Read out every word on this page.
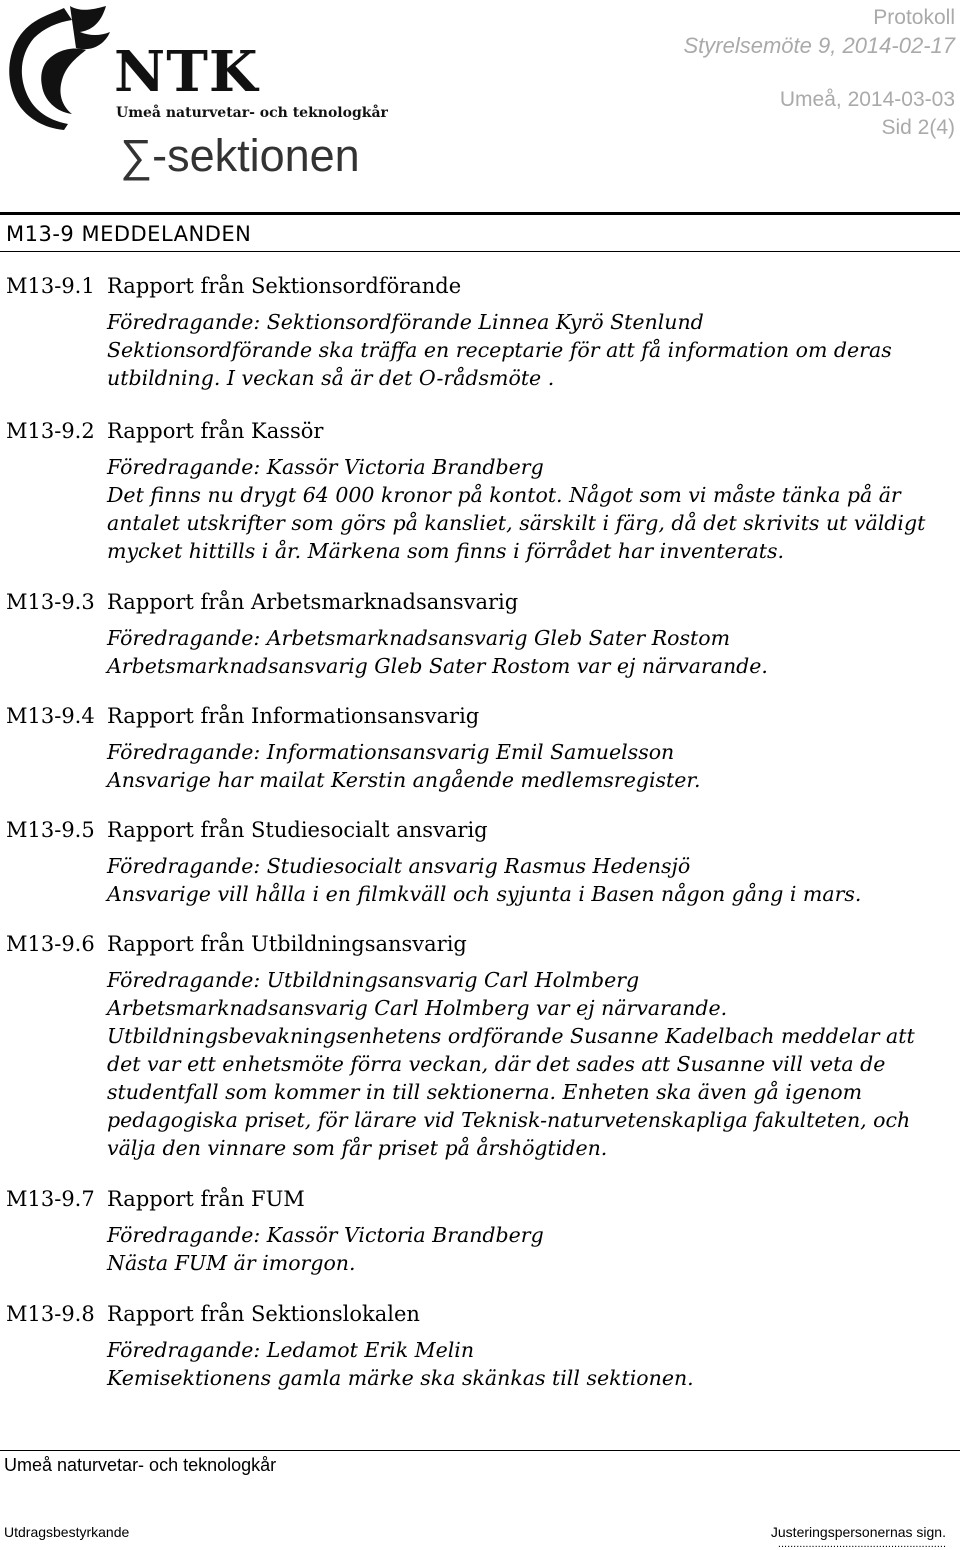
NTK
Umeå naturvetar- och teknologkår
∑-sektionen
Protokoll
Styrelsemöte 9, 2014-02-17
Umeå, 2014-03-03
Sid 2(4)
M13-9 MEDDELANDEN
M13-9.1 Rapport från Sektionsordförande

Föredragande: Sektionsordförande Linnea Kyrö Stenlund

Sektionsordförande ska träffa en receptarie för att få information om deras utbildning. I veckan så är det O-rådsmöte .

M13-9.2 Rapport från Kassör

Föredragande: Kassör Victoria Brandberg

Det finns nu drygt 64 000 kronor på kontot. Något som vi måste tänka på är antalet utskrifter som görs på kansliet, särskilt i färg, då det skrivits ut väldigt mycket hittills i år. Märkena som finns i förrådet har inventerats.

M13-9.3 Rapport från Arbetsmarknadsansvarig

Föredragande: Arbetsmarknadsansvarig Gleb Sater Rostom

Arbetsmarknadsansvarig Gleb Sater Rostom var ej närvarande.

M13-9.4 Rapport från Informationsansvarig

Föredragande: Informationsansvarig Emil Samuelsson

Ansvarige har mailat Kerstin angående medlemsregister.

M13-9.5 Rapport från Studiesocialt ansvarig

Föredragande: Studiesocialt ansvarig Rasmus Hedensjö

Ansvarige vill hålla i en filmkväll och syjunta i Basen någon gång i mars.

M13-9.6 Rapport från Utbildningsansvarig

Föredragande: Utbildningsansvarig Carl Holmberg

Arbetsmarknadsansvarig Carl Holmberg var ej närvarande.

Utbildningsbevakningsenhetens ordförande Susanne Kadelbach meddelar att det var ett enhetsmöte förra veckan, där det sades att Susanne vill veta de studentfall som kommer in till sektionerna. Enheten ska även gå igenom pedagogiska priset, för lärare vid Teknisk-naturvetenskapliga fakulteten, och välja den vinnare som får priset på årshögtiden.

M13-9.7 Rapport från FUM

Föredragande: Kassör Victoria Brandberg

Nästa FUM är imorgon.

M13-9.8 Rapport från Sektionslokalen

Föredragande: Ledamot Erik Melin

Kemisektionens gamla märke ska skänkas till sektionen.

Umeå naturvetar- och teknologkår
Utdragsbestyrkande	Justeringspersonernas sign.
.......................................................
